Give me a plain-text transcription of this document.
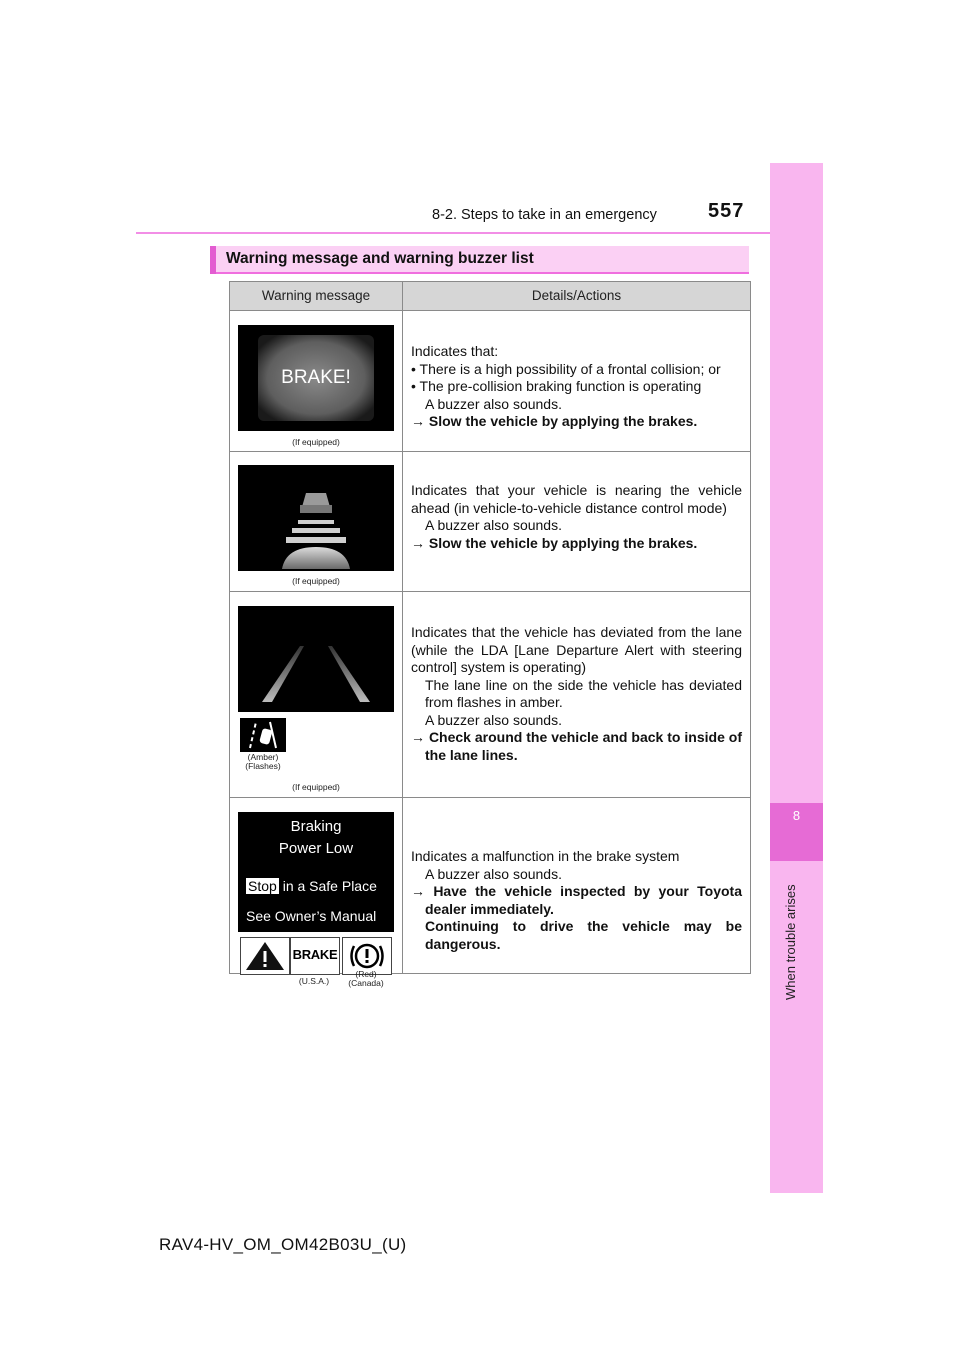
8-2. Steps to take in an emergency	557
8
When trouble arises
Warning message and warning buzzer list
Warning message	Details/Actions
BRAKE!
(If equipped)

Indicates that:

• There is a high possibility of a frontal collision; or

• The pre-collision braking function is operating

A buzzer also sounds.

→ Slow the vehicle by applying the brakes.

(If equipped)

Indicates that your vehicle is nearing the vehicle ahead (in vehicle-to-vehicle distance control mode)

A buzzer also sounds.

→ Slow the vehicle by applying the brakes.

(Amber)
(Flashes)
(If equipped)

Indicates that the vehicle has deviated from the lane (while the LDA [Lane Departure Alert with steering control] system is operating)

The lane line on the side the vehicle has deviated from flashes in amber.

A buzzer also sounds.

→ Check around the vehicle and back to inside of the lane lines.

Braking
Power Low
Stop in a Safe Place
See Owner’s Manual
BRAKE

Indicates a malfunction in the brake system

A buzzer also sounds.

→ Have the vehicle inspected by your Toyota dealer immediately.

Continuing to drive the vehicle may be dangerous.

(U.S.A.)
(Red)
(Canada)
RAV4-HV_OM_OM42B03U_(U)
